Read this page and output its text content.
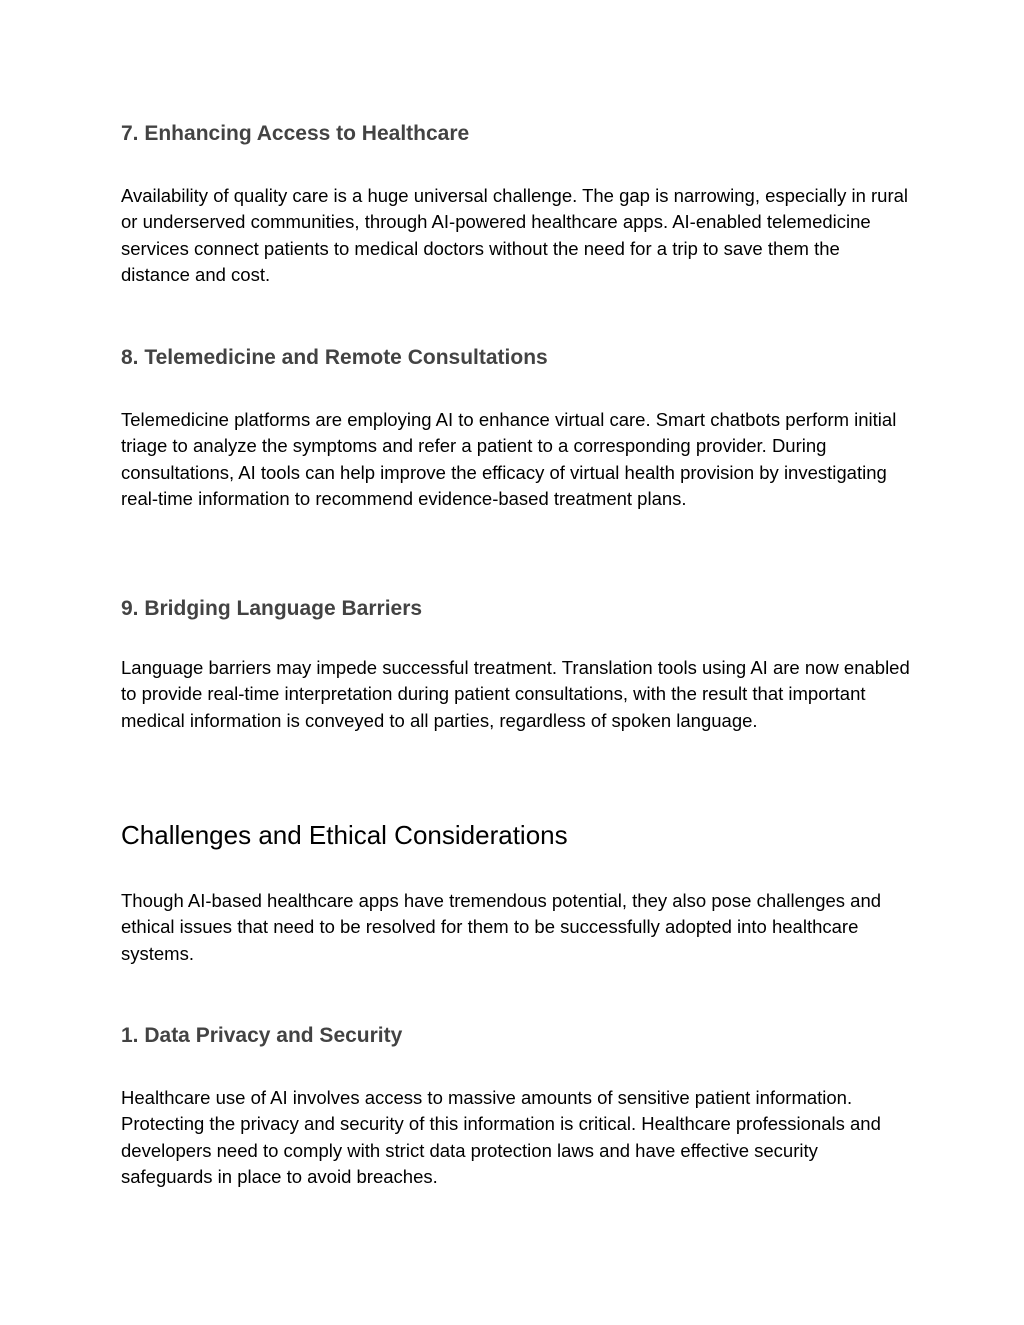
7. Enhancing Access to Healthcare

Availability of quality care is a huge universal challenge. The gap is narrowing, especially in rural or underserved communities, through AI-powered healthcare apps. AI-enabled telemedicine services connect patients to medical doctors without the need for a trip to save them the distance and cost.

8. Telemedicine and Remote Consultations

Telemedicine platforms are employing AI to enhance virtual care. Smart chatbots perform initial triage to analyze the symptoms and refer a patient to a corresponding provider. During consultations, AI tools can help improve the efficacy of virtual health provision by investigating real-time information to recommend evidence-based treatment plans.

9. Bridging Language Barriers

Language barriers may impede successful treatment. Translation tools using AI are now enabled to provide real-time interpretation during patient consultations, with the result that important medical information is conveyed to all parties, regardless of spoken language.

Challenges and Ethical Considerations

Though AI-based healthcare apps have tremendous potential, they also pose challenges and ethical issues that need to be resolved for them to be successfully adopted into healthcare systems.

1. Data Privacy and Security

Healthcare use of AI involves access to massive amounts of sensitive patient information. Protecting the privacy and security of this information is critical. Healthcare professionals and developers need to comply with strict data protection laws and have effective security safeguards in place to avoid breaches.
